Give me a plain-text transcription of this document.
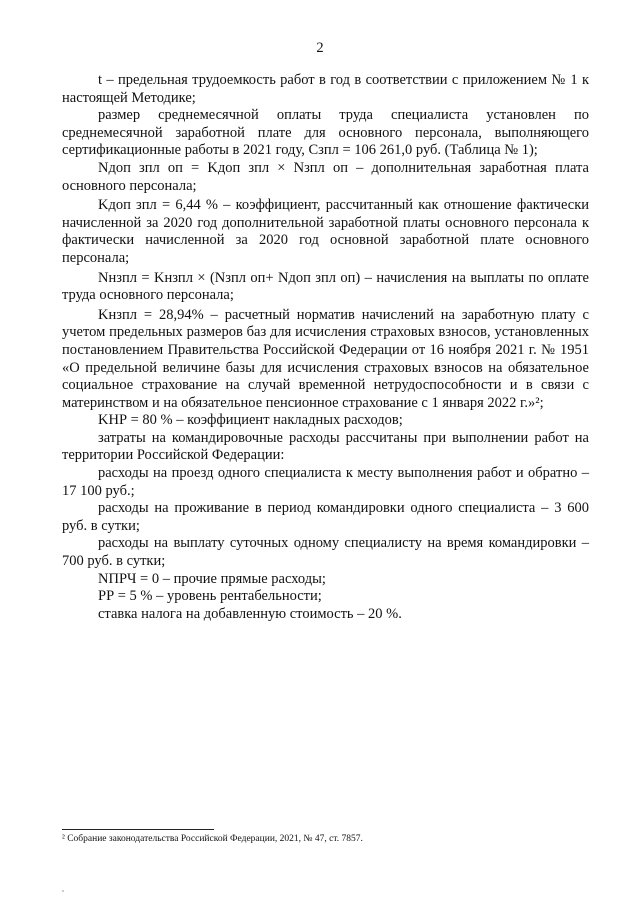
2

t – предельная трудоемкость работ в год в соответствии с приложением № 1 к настоящей Методике;

размер среднемесячной оплаты труда специалиста установлен по среднемесячной заработной плате для основного персонала, выполняющего сертификационные работы в 2021 году, Сзпл = 106 261,0 руб. (Таблица № 1);

Nдоп зпл оп = Kдоп зпл × Nзпл оп – дополнительная заработная плата основного персонала;

Kдоп зпл = 6,44 % – коэффициент, рассчитанный как отношение фактически начисленной за 2020 год дополнительной заработной платы основного персонала к фактически начисленной за 2020 год основной заработной плате основного персонала;

Nнзпл = Kнзпл × (Nзпл оп+ Nдоп зпл оп) – начисления на выплаты по оплате труда основного персонала;

Kнзпл = 28,94% – расчетный норматив начислений на заработную плату с учетом предельных размеров баз для исчисления страховых взносов, установленных постановлением Правительства Российской Федерации от 16 ноября 2021 г. № 1951 «О предельной величине базы для исчисления страховых взносов на обязательное социальное страхование на случай временной нетрудоспособности и в связи с материнством и на обязательное пенсионное страхование с 1 января 2022 г.»²;

KНР = 80 % – коэффициент накладных расходов;

затраты на командировочные расходы рассчитаны при выполнении работ на территории Российской Федерации:

расходы на проезд одного специалиста к месту выполнения работ и обратно – 17 100 руб.;

расходы на проживание в период командировки одного специалиста – 3 600 руб. в сутки;

расходы на выплату суточных одному специалисту на время командировки – 700 руб. в сутки;

NПРЧ = 0 – прочие прямые расходы;

PР = 5 % – уровень рентабельности;

ставка налога на добавленную стоимость – 20 %.

² Собрание законодательства Российской Федерации, 2021, № 47, ст. 7857.
